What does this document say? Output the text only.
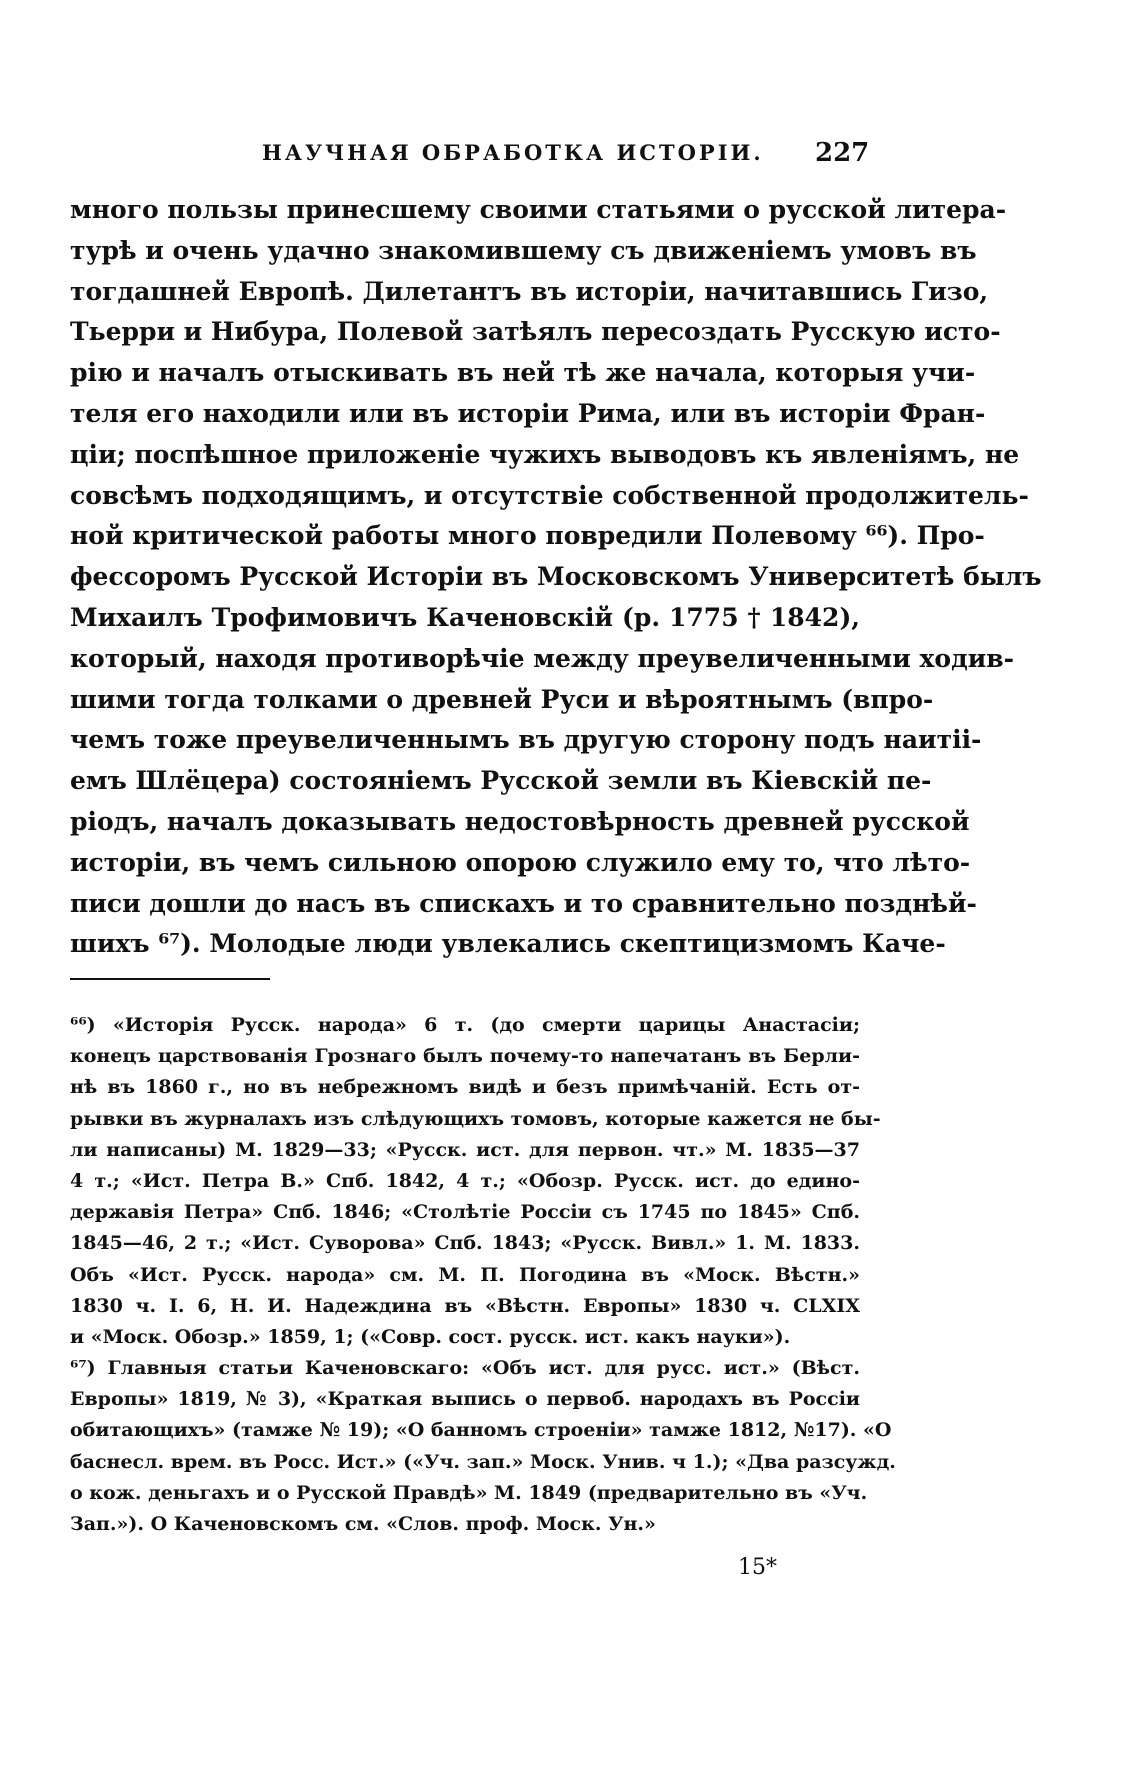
НАУЧНАЯ ОБРАБОТКА ИСТОРІИ. 227
много пользы принесшему своими статьями о русской литера-
турѣ и очень удачно знакомившему съ движеніемъ умовъ въ
тогдашней Европѣ. Дилетантъ въ исторіи, начитавшись Гизо,
Тьерри и Нибура, Полевой затѣялъ пересоздать Русскую исто-
рію и началъ отыскивать въ ней тѣ же начала, которыя учи-
теля его находили или въ исторіи Рима, или въ исторіи Фран-
ціи; поспѣшное приложеніе чужихъ выводовъ къ явленіямъ, не
совсѣмъ подходящимъ, и отсутствіе собственной продолжитель-
ной критической работы много повредили Полевому ⁶⁶). Про-
фессоромъ Русской Исторіи въ Московскомъ Университетѣ былъ
Михаилъ Трофимовичъ Каченовскій (р. 1775 † 1842),
который, находя противорѣчіе между преувеличенными ходив-
шими тогда толками о древней Руси и вѣроятнымъ (впро-
чемъ тоже преувеличеннымъ въ другую сторону подъ наитіі-
емъ Шлёцера) состояніемъ Русской земли въ Кіевскій пе-
ріодъ, началъ доказывать недостовѣрность древней русской
исторіи, въ чемъ сильною опорою служило ему то, что лѣто-
писи дошли до насъ въ спискахъ и то сравнительно позднѣй-
шихъ ⁶⁷). Молодые люди увлекались скептицизмомъ Каче-
⁶⁶) «Исторія Русск. народа» 6 т. (до смерти царицы Анастасіи;
конецъ царствованія Грознаго былъ почему-то напечатанъ въ Берли-
нѣ въ 1860 г., но въ небрежномъ видѣ и безъ примѣчаній. Есть от-
рывки въ журналахъ изъ слѣдующихъ томовъ, которые кажется не бы-
ли написаны) М. 1829—33; «Русск. ист. для первон. чт.» М. 1835—37
4 т.; «Ист. Петра В.» Спб. 1842, 4 т.; «Обозр. Русск. ист. до едино-
державія Петра» Спб. 1846; «Столѣтіе Россіи съ 1745 по 1845» Спб.
1845—46, 2 т.; «Ист. Суворова» Спб. 1843; «Русск. Вивл.» 1. М. 1833.
Объ «Ист. Русск. народа» см. М. П. Погодина въ «Моск. Вѣстн.»
1830 ч. I. 6, Н. И. Надеждина въ «Вѣстн. Европы» 1830 ч. CLXIX
и «Моск. Обозр.» 1859, 1; («Совр. сост. русск. ист. какъ науки»).
⁶⁷) Главныя статьи Каченовскаго: «Объ ист. для русс. ист.» (Вѣст.
Европы» 1819, № 3), «Краткая выпись о первоб. народахъ въ Россіи
обитающихъ» (тамже № 19); «О банномъ строеніи» тамже 1812, №17). «О
баснесл. врем. въ Росс. Ист.» («Уч. зап.» Моск. Унив. ч 1.); «Два разсужд.
о кож. деньгахъ и о Русской Правдѣ» М. 1849 (предварительно въ «Уч.
Зап.»). О Каченовскомъ см. «Слов. проф. Моск. Ун.»
15*
